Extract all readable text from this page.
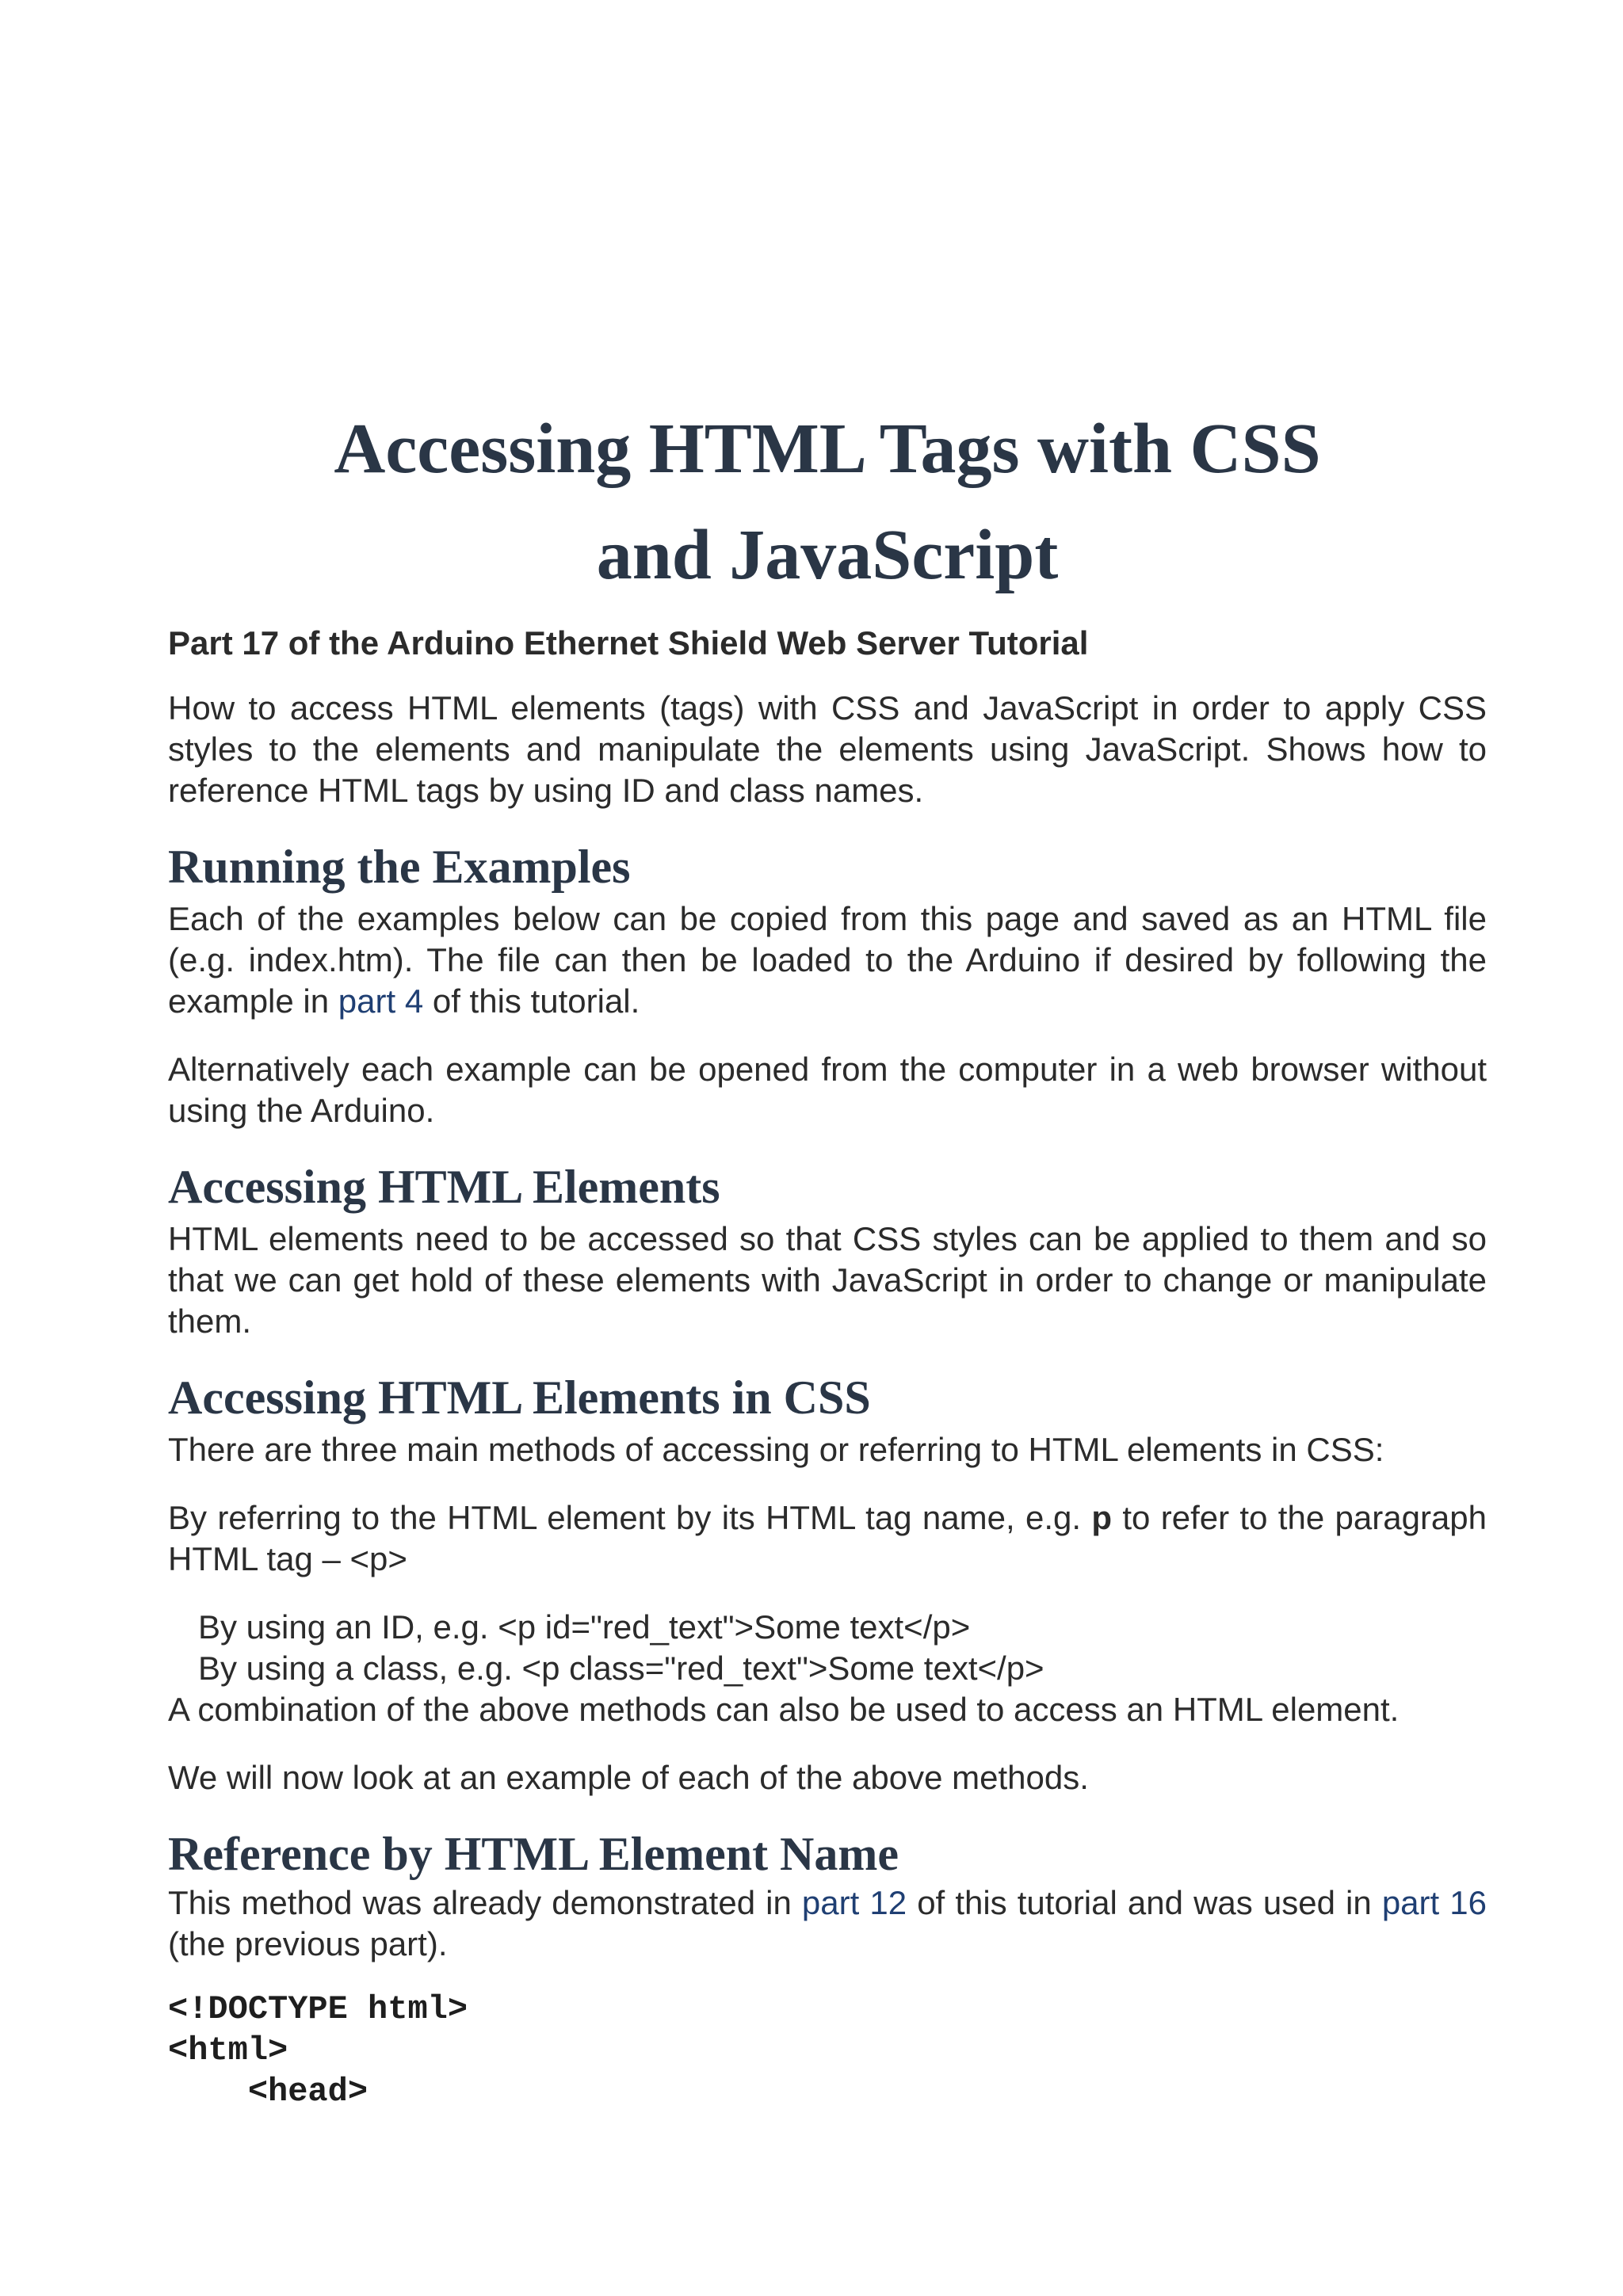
Accessing HTML Tags with CSS
and JavaScript
Part 17 of the Arduino Ethernet Shield Web Server Tutorial

How to access HTML elements (tags) with CSS and JavaScript in order to apply CSS styles to the elements and manipulate the elements using JavaScript. Shows how to reference HTML tags by using ID and class names.

Running the Examples

Each of the examples below can be copied from this page and saved as an HTML file (e.g. index.htm). The file can then be loaded to the Arduino if desired by following the example in part 4 of this tutorial.

Alternatively each example can be opened from the computer in a web browser without using the Arduino.

Accessing HTML Elements

HTML elements need to be accessed so that CSS styles can be applied to them and so that we can get hold of these elements with JavaScript in order to change or manipulate them.

Accessing HTML Elements in CSS

There are three main methods of accessing or referring to HTML elements in CSS:

By referring to the HTML element by its HTML tag name, e.g. p to refer to the paragraph HTML tag – <p>

By using an ID, e.g. <p id="red_text">Some text</p>

By using a class, e.g. <p class="red_text">Some text</p>

A combination of the above methods can also be used to access an HTML element.

We will now look at an example of each of the above methods.

Reference by HTML Element Name

This method was already demonstrated in part 12 of this tutorial and was used in part 16 (the previous part).

<!DOCTYPE html>
<html>
<head>
